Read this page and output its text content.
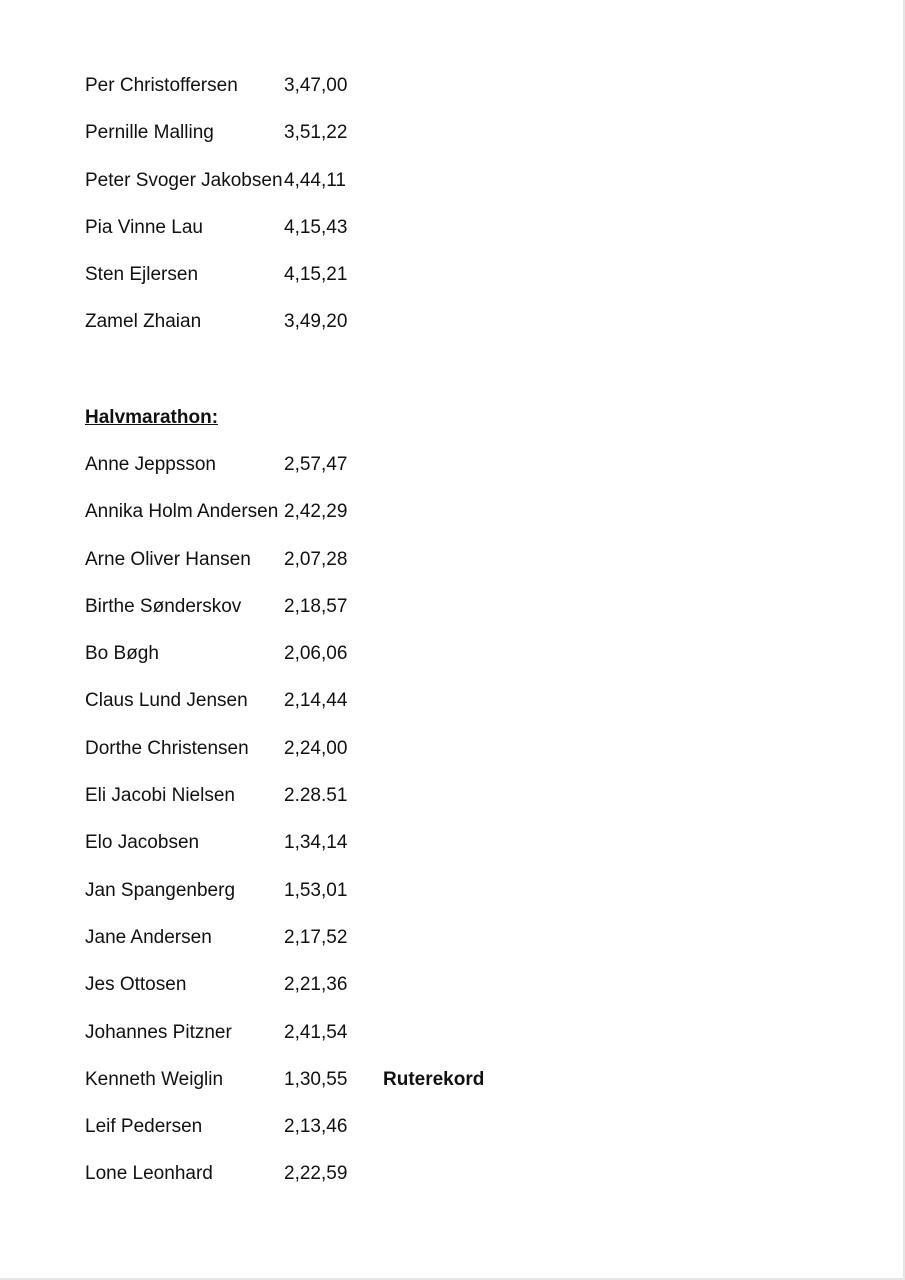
Per Christoffersen 3,47,00
Pernille Malling	3,51,22
Peter Svoger Jakobsen 4,44,11
Pia Vinne Lau	4,15,43
Sten Ejlersen	4,15,21
Zamel Zhaian	3,49,20
Halvmarathon:
Anne Jeppsson	2,57,47
Annika Holm Andersen 2,42,29
Arne Oliver Hansen 2,07,28
Birthe Sønderskov 2,18,57
Bo Bøgh	2,06,06
Claus Lund Jensen 2,14,44
Dorthe Christensen 2,24,00
Eli Jacobi Nielsen	2.28.51
Elo Jacobsen	1,34,14
Jan Spangenberg	1,53,01
Jane Andersen	2,17,52
Jes Ottosen	2,21,36
Johannes Pitzner	2,41,54
Kenneth Weiglin	1,30,55 Ruterekord
Leif Pedersen	2,13,46
Lone Leonhard	2,22,59
